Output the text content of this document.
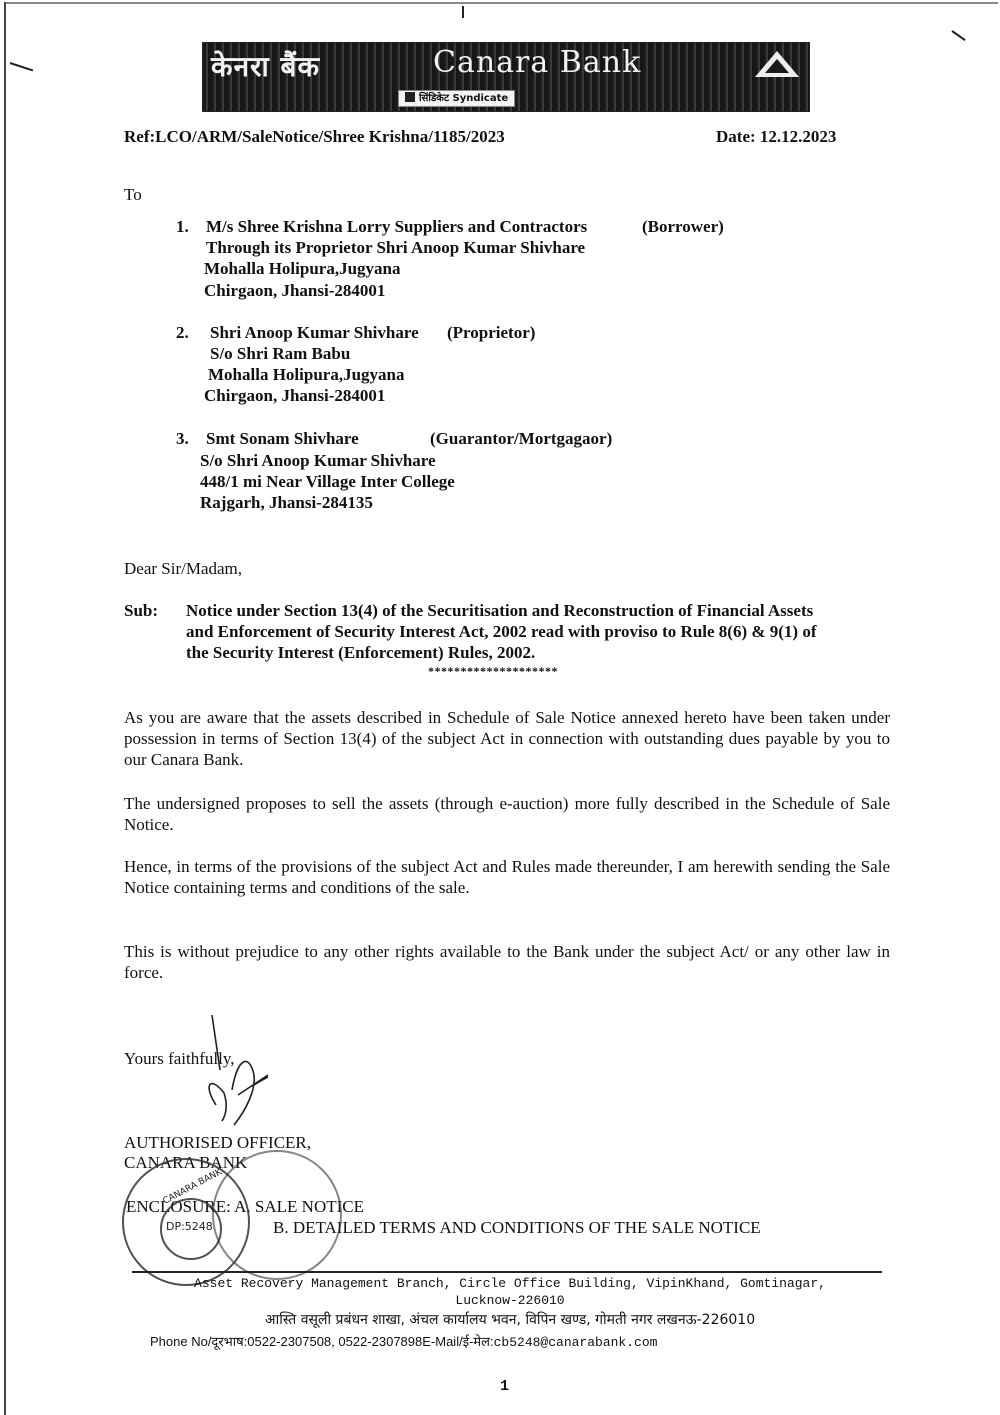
केनरा बैंक	Canara Bank
सिंडिकेट Syndicate
Ref:LCO/ARM/SaleNotice/Shree Krishna/1185/2023	Date: 12.12.2023
To
1. M/s Shree Krishna Lorry Suppliers and Contractors	(Borrower)
Through its Proprietor Shri Anoop Kumar Shivhare
Mohalla Holipura,Jugyana
Chirgaon, Jhansi-284001
2. Shri Anoop Kumar Shivhare (Proprietor)
S/o Shri Ram Babu
Mohalla Holipura,Jugyana
Chirgaon, Jhansi-284001
3. Smt Sonam Shivhare	(Guarantor/Mortgagaor)
S/o Shri Anoop Kumar Shivhare
448/1 mi Near Village Inter College
Rajgarh, Jhansi-284135
Dear Sir/Madam,
Sub: Notice under Section 13(4) of the Securitisation and Reconstruction of Financial Assets
and Enforcement of Security Interest Act, 2002 read with proviso to Rule 8(6) & 9(1) of
the Security Interest (Enforcement) Rules, 2002.
********************
As you are aware that the assets described in Schedule of Sale Notice annexed hereto have been taken under possession in terms of Section 13(4) of the subject Act in connection with outstanding dues payable by you to our Canara Bank.
The undersigned proposes to sell the assets (through e-auction) more fully described in the Schedule of Sale Notice.
Hence, in terms of the provisions of the subject Act and Rules made thereunder, I am herewith sending the Sale Notice containing terms and conditions of the sale.
This is without prejudice to any other rights available to the Bank under the subject Act/ or any other law in force.
Yours faithfully,
AUTHORISED OFFICER,
CANARA BANK
ENCLOSURE: A. SALE NOTICE
B. DETAILED TERMS AND CONDITIONS OF THE SALE NOTICE
DP:5248
CANARA BANK
Asset Recovery Management Branch, Circle Office Building, VipinKhand, Gomtinagar,
Lucknow-226010
आस्ति वसूली प्रबंधन शाखा, अंचल कार्यालय भवन, विपिन खण्ड, गोमती नगर लखनऊ-226010
Phone No/दूरभाष:0522-2307508, 0522-2307898E-Mail/ई-मेल:cb5248@canarabank.com
1
